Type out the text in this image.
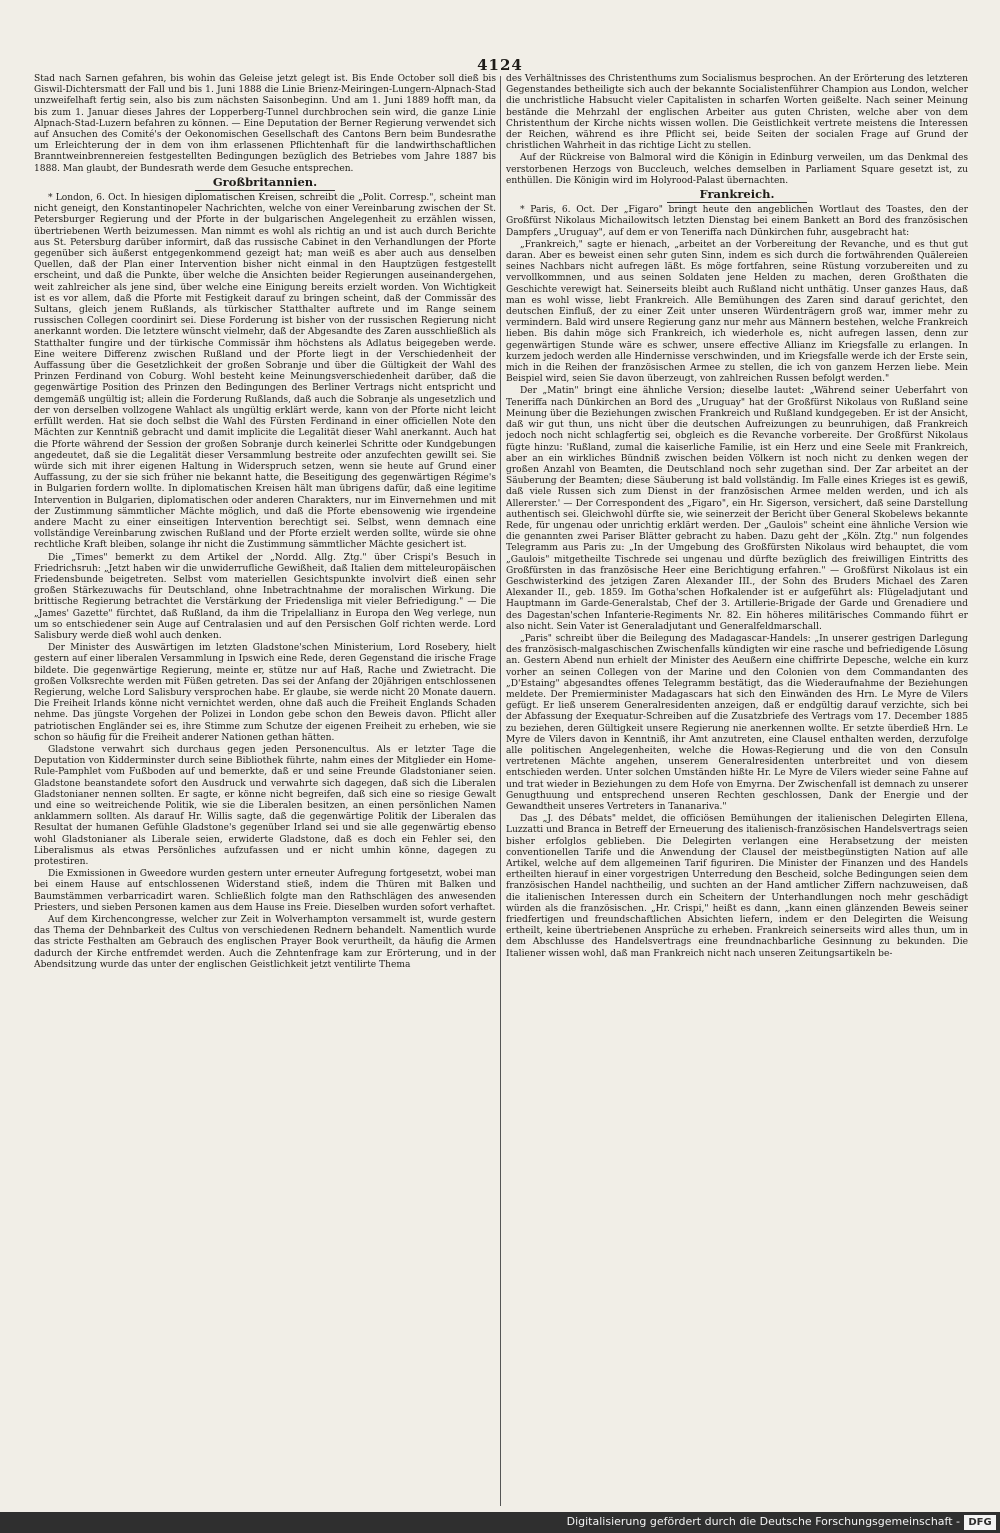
4124

Stad nach Sarnen gefahren, bis wohin das Geleise jetzt gelegt ist. Bis Ende October soll dieß bis Giswil-Dichtersmatt der Fall und bis 1. Juni 1888 die Linie Brienz-Meiringen-Lungern-Alpnach-Stad unzweifelhaft fertig sein, also bis zum nächsten Saisonbeginn. Und am 1. Juni 1889 hofft man, da bis zum 1. Januar dieses Jahres der Lopperberg-Tunnel durchbrochen sein wird, die ganze Linie Alpnach-Stad-Luzern befahren zu können. — Eine Deputation der Berner Regierung verwendet sich auf Ansuchen des Comité's der Oekonomischen Gesellschaft des Cantons Bern beim Bundesrathe um Erleichterung der in dem von ihm erlassenen Pflichtenhaft für die landwirthschaftlichen Branntweinbrennereien festgestellten Bedingungen bezüglich des Betriebes vom Jahre 1887 bis 1888. Man glaubt, der Bundesrath werde dem Gesuche entsprechen.

Großbritannien.

* London, 6. Oct. In hiesigen diplomatischen Kreisen, schreibt die „Polit. Corresp.", scheint man nicht geneigt, den Konstantinopeler Nachrichten, welche von einer Vereinbarung zwischen der St. Petersburger Regierung und der Pforte in der bulgarischen Angelegenheit zu erzählen wissen, übertriebenen Werth beizumessen. Man nimmt es wohl als richtig an und ist auch durch Berichte aus St. Petersburg darüber informirt, daß das russische Cabinet in den Verhandlungen der Pforte gegenüber sich äußerst entgegenkommend gezeigt hat; man weiß es aber auch aus denselben Quellen, daß der Plan einer Intervention bisher nicht einmal in den Hauptzügen festgestellt erscheint, und daß die Punkte, über welche die Ansichten beider Regierungen auseinandergehen, weit zahlreicher als jene sind, über welche eine Einigung bereits erzielt worden. Von Wichtigkeit ist es vor allem, daß die Pforte mit Festigkeit darauf zu bringen scheint, daß der Commissär des Sultans, gleich jenem Rußlands, als türkischer Statthalter auftrete und im Range seinem russischen Collegen coordinirt sei. Diese Forderung ist bisher von der russischen Regierung nicht anerkannt worden. Die letztere wünscht vielmehr, daß der Abgesandte des Zaren ausschließlich als Statthalter fungire und der türkische Commissär ihm höchstens als Adlatus beigegeben werde. Eine weitere Differenz zwischen Rußland und der Pforte liegt in der Verschiedenheit der Auffassung über die Gesetzlichkeit der großen Sobranje und über die Gültigkeit der Wahl des Prinzen Ferdinand von Coburg. Wohl besteht keine Meinungsverschiedenheit darüber, daß die gegenwärtige Position des Prinzen den Bedingungen des Berliner Vertrags nicht entspricht und demgemäß ungültig ist; allein die Forderung Rußlands, daß auch die Sobranje als ungesetzlich und der von derselben vollzogene Wahlact als ungültig erklärt werde, kann von der Pforte nicht leicht erfüllt werden. Hat sie doch selbst die Wahl des Fürsten Ferdinand in einer officiellen Note den Mächten zur Kenntniß gebracht und damit implicite die Legalität dieser Wahl anerkannt. Auch hat die Pforte während der Session der großen Sobranje durch keinerlei Schritte oder Kundgebungen angedeutet, daß sie die Legalität dieser Versammlung bestreite oder anzufechten gewillt sei. Sie würde sich mit ihrer eigenen Haltung in Widerspruch setzen, wenn sie heute auf Grund einer Auffassung, zu der sie sich früher nie bekannt hatte, die Beseitigung des gegenwärtigen Régime's in Bulgarien fordern wollte. In diplomatischen Kreisen hält man übrigens dafür, daß eine legitime Intervention in Bulgarien, diplomatischen oder anderen Charakters, nur im Einvernehmen und mit der Zustimmung sämmtlicher Mächte möglich, und daß die Pforte ebensowenig wie irgendeine andere Macht zu einer einseitigen Intervention berechtigt sei. Selbst, wenn demnach eine vollständige Vereinbarung zwischen Rußland und der Pforte erzielt werden sollte, würde sie ohne rechtliche Kraft bleiben, solange ihr nicht die Zustimmung sämmtlicher Mächte gesichert ist.

Die „Times" bemerkt zu dem Artikel der „Nordd. Allg. Ztg." über Crispi's Besuch in Friedrichsruh: „Jetzt haben wir die unwiderrufliche Gewißheit, daß Italien dem mitteleuropäischen Friedensbunde beigetreten. Selbst vom materiellen Gesichtspunkte involvirt dieß einen sehr großen Stärkezuwachs für Deutschland, ohne Inbetrachtnahme der moralischen Wirkung. Die brittische Regierung betrachtet die Verstärkung der Friedensliga mit vieler Befriedigung." — Die „James' Gazette" fürchtet, daß Rußland, da ihm die Tripelallianz in Europa den Weg verlege, nun um so entschiedener sein Auge auf Centralasien und auf den Persischen Golf richten werde. Lord Salisbury werde dieß wohl auch denken.

Der Minister des Auswärtigen im letzten Gladstone'schen Ministerium, Lord Rosebery, hielt gestern auf einer liberalen Versammlung in Ipswich eine Rede, deren Gegenstand die irische Frage bildete. Die gegenwärtige Regierung, meinte er, stütze nur auf Haß, Rache und Zwietracht. Die großen Volksrechte werden mit Füßen getreten. Das sei der Anfang der 20jährigen entschlossenen Regierung, welche Lord Salisbury versprochen habe. Er glaube, sie werde nicht 20 Monate dauern. Die Freiheit Irlands könne nicht vernichtet werden, ohne daß auch die Freiheit Englands Schaden nehme. Das jüngste Vorgehen der Polizei in London gebe schon den Beweis davon. Pflicht aller patriotischen Engländer sei es, ihre Stimme zum Schutze der eigenen Freiheit zu erheben, wie sie schon so häufig für die Freiheit anderer Nationen gethan hätten.

Gladstone verwahrt sich durchaus gegen jeden Personencultus. Als er letzter Tage die Deputation von Kidderminster durch seine Bibliothek führte, nahm eines der Mitglieder ein Home-Rule-Pamphlet vom Fußboden auf und bemerkte, daß er und seine Freunde Gladstonianer seien. Gladstone beanstandete sofort den Ausdruck und verwahrte sich dagegen, daß sich die Liberalen Gladstonianer nennen sollten. Er sagte, er könne nicht begreifen, daß sich eine so riesige Gewalt und eine so weitreichende Politik, wie sie die Liberalen besitzen, an einen persönlichen Namen anklammern sollten. Als darauf Hr. Willis sagte, daß die gegenwärtige Politik der Liberalen das Resultat der humanen Gefühle Gladstone's gegenüber Irland sei und sie alle gegenwärtig ebenso wohl Gladstonianer als Liberale seien, erwiderte Gladstone, daß es doch ein Fehler sei, den Liberalismus als etwas Persönliches aufzufassen und er nicht umhin könne, dagegen zu protestiren.

Die Exmissionen in Gweedore wurden gestern unter erneuter Aufregung fortgesetzt, wobei man bei einem Hause auf entschlossenen Widerstand stieß, indem die Thüren mit Balken und Baumstämmen verbarricadirt waren. Schließlich folgte man den Rathschlägen des anwesenden Priesters, und sieben Personen kamen aus dem Hause ins Freie. Dieselben wurden sofort verhaftet.

Auf dem Kirchencongresse, welcher zur Zeit in Wolverhampton versammelt ist, wurde gestern das Thema der Dehnbarkeit des Cultus von verschiedenen Rednern behandelt. Namentlich wurde das stricte Festhalten am Gebrauch des englischen Prayer Book verurtheilt, da häufig die Armen dadurch der Kirche entfremdet werden. Auch die Zehntenfrage kam zur Erörterung, und in der Abendsitzung wurde das unter der englischen Geistlichkeit jetzt ventilirte Thema

des Verhältnisses des Christenthums zum Socialismus besprochen. An der Erörterung des letzteren Gegenstandes betheiligte sich auch der bekannte Socialistenführer Champion aus London, welcher die unchristliche Habsucht vieler Capitalisten in scharfen Worten geißelte. Nach seiner Meinung bestände die Mehrzahl der englischen Arbeiter aus guten Christen, welche aber von dem Christenthum der Kirche nichts wissen wollen. Die Geistlichkeit vertrete meistens die Interessen der Reichen, während es ihre Pflicht sei, beide Seiten der socialen Frage auf Grund der christlichen Wahrheit in das richtige Licht zu stellen.

Auf der Rückreise von Balmoral wird die Königin in Edinburg verweilen, um das Denkmal des verstorbenen Herzogs von Buccleuch, welches demselben in Parliament Square gesetzt ist, zu enthüllen. Die Königin wird im Holyrood-Palast übernachten.

Frankreich.

* Paris, 6. Oct. Der „Figaro" bringt heute den angeblichen Wortlaut des Toastes, den der Großfürst Nikolaus Michailowitsch letzten Dienstag bei einem Bankett an Bord des französischen Dampfers „Uruguay", auf dem er von Teneriffa nach Dünkirchen fuhr, ausgebracht hat:

„Frankreich," sagte er hienach, „arbeitet an der Vorbereitung der Revanche, und es thut gut daran. Aber es beweist einen sehr guten Sinn, indem es sich durch die fortwährenden Quälereien seines Nachbars nicht aufregen läßt. Es möge fortfahren, seine Rüstung vorzubereiten und zu vervollkommnen, und aus seinen Soldaten jene Helden zu machen, deren Großthaten die Geschichte verewigt hat. Seinerseits bleibt auch Rußland nicht unthätig. Unser ganzes Haus, daß man es wohl wisse, liebt Frankreich. Alle Bemühungen des Zaren sind darauf gerichtet, den deutschen Einfluß, der zu einer Zeit unter unseren Würdenträgern groß war, immer mehr zu vermindern. Bald wird unsere Regierung ganz nur mehr aus Männern bestehen, welche Frankreich lieben. Bis dahin möge sich Frankreich, ich wiederhole es, nicht aufregen lassen, denn zur gegenwärtigen Stunde wäre es schwer, unsere effective Allianz im Kriegsfalle zu erlangen. In kurzem jedoch werden alle Hindernisse verschwinden, und im Kriegsfalle werde ich der Erste sein, mich in die Reihen der französischen Armee zu stellen, die ich von ganzem Herzen liebe. Mein Beispiel wird, seien Sie davon überzeugt, von zahlreichen Russen befolgt werden."

Der „Matin" bringt eine ähnliche Version; dieselbe lautet: „Während seiner Ueberfahrt von Teneriffa nach Dünkirchen an Bord des „Uruguay" hat der Großfürst Nikolaus von Rußland seine Meinung über die Beziehungen zwischen Frankreich und Rußland kundgegeben. Er ist der Ansicht, daß wir gut thun, uns nicht über die deutschen Aufreizungen zu beunruhigen, daß Frankreich jedoch noch nicht schlagfertig sei, obgleich es die Revanche vorbereite. Der Großfürst Nikolaus fügte hinzu: 'Rußland, zumal die kaiserliche Familie, ist ein Herz und eine Seele mit Frankreich, aber an ein wirkliches Bündniß zwischen beiden Völkern ist noch nicht zu denken wegen der großen Anzahl von Beamten, die Deutschland noch sehr zugethan sind. Der Zar arbeitet an der Säuberung der Beamten; diese Säuberung ist bald vollständig. Im Falle eines Krieges ist es gewiß, daß viele Russen sich zum Dienst in der französischen Armee melden werden, und ich als Allererster.' — Der Correspondent des „Figaro", ein Hr. Sigerson, versichert, daß seine Darstellung authentisch sei. Gleichwohl dürfte sie, wie seinerzeit der Bericht über General Skobelews bekannte Rede, für ungenau oder unrichtig erklärt werden. Der „Gaulois" scheint eine ähnliche Version wie die genannten zwei Pariser Blätter gebracht zu haben. Dazu geht der „Köln. Ztg." nun folgendes Telegramm aus Paris zu: „In der Umgebung des Großfürsten Nikolaus wird behauptet, die vom „Gaulois" mitgetheilte Tischrede sei ungenau und dürfte bezüglich des freiwilligen Eintritts des Großfürsten in das französische Heer eine Berichtigung erfahren." — Großfürst Nikolaus ist ein Geschwisterkind des jetzigen Zaren Alexander III., der Sohn des Bruders Michael des Zaren Alexander II., geb. 1859. Im Gotha'schen Hofkalender ist er aufgeführt als: Flügeladjutant und Hauptmann im Garde-Generalstab, Chef der 3. Artillerie-Brigade der Garde und Grenadiere und des Dagestan'schen Infanterie-Regiments Nr. 82. Ein höheres militärisches Commando führt er also nicht. Sein Vater ist Generaladjutant und Generalfeldmarschall.

„Paris" schreibt über die Beilegung des Madagascar-Handels: „In unserer gestrigen Darlegung des französisch-malgaschischen Zwischenfalls kündigten wir eine rasche und befriedigende Lösung an. Gestern Abend nun erhielt der Minister des Aeußern eine chiffrirte Depesche, welche ein kurz vorher an seinen Collegen von der Marine und den Colonien von dem Commandanten des „D'Estaing" abgesandtes offenes Telegramm bestätigt, das die Wiederaufnahme der Beziehungen meldete. Der Premierminister Madagascars hat sich den Einwänden des Hrn. Le Myre de Vilers gefügt. Er ließ unserem Generalresidenten anzeigen, daß er endgültig darauf verzichte, sich bei der Abfassung der Exequatur-Schreiben auf die Zusatzbriefe des Vertrags vom 17. December 1885 zu beziehen, deren Gültigkeit unsere Regierung nie anerkennen wollte. Er setzte überdieß Hrn. Le Myre de Vilers davon in Kenntniß, ihr Amt anzutreten, eine Clausel enthalten werden, derzufolge alle politischen Angelegenheiten, welche die Howas-Regierung und die von den Consuln vertretenen Mächte angehen, unserem Generalresidenten unterbreitet und von diesem entschieden werden. Unter solchen Umständen hißte Hr. Le Myre de Vilers wieder seine Fahne auf und trat wieder in Beziehungen zu dem Hofe von Emyrna. Der Zwischenfall ist demnach zu unserer Genugthuung und entsprechend unseren Rechten geschlossen, Dank der Energie und der Gewandtheit unseres Vertreters in Tananariva."

Das „J. des Débats" meldet, die officiösen Bemühungen der italienischen Delegirten Ellena, Luzzatti und Branca in Betreff der Erneuerung des italienisch-französischen Handelsvertrags seien bisher erfolglos geblieben. Die Delegirten verlangen eine Herabsetzung der meisten conventionellen Tarife und die Anwendung der Clausel der meistbegünstigten Nation auf alle Artikel, welche auf dem allgemeinen Tarif figuriren. Die Minister der Finanzen und des Handels ertheilten hierauf in einer vorgestrigen Unterredung den Bescheid, solche Bedingungen seien dem französischen Handel nachtheilig, und suchten an der Hand amtlicher Ziffern nachzuweisen, daß die italienischen Interessen durch ein Scheitern der Unterhandlungen noch mehr geschädigt würden als die französischen. „Hr. Crispi," heißt es dann, „kann einen glänzenden Beweis seiner friedfertigen und freundschaftlichen Absichten liefern, indem er den Delegirten die Weisung ertheilt, keine übertriebenen Ansprüche zu erheben. Frankreich seinerseits wird alles thun, um in dem Abschlusse des Handelsvertrags eine freundnachbarliche Gesinnung zu bekunden. Die Italiener wissen wohl, daß man Frankreich nicht nach unseren Zeitungsartikeln be-

Digitalisierung gefördert durch die Deutsche Forschungsgemeinschaft - DFG
